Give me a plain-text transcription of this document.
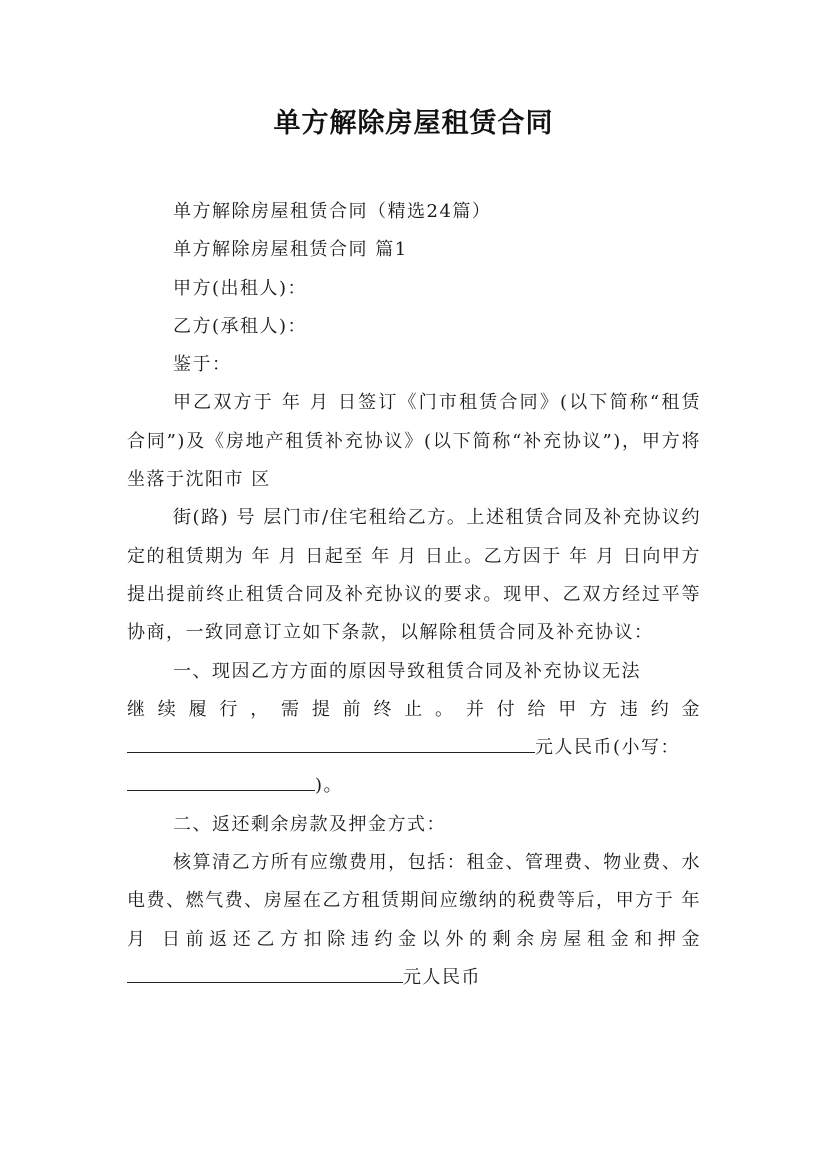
单方解除房屋租赁合同

单方解除房屋租赁合同（精选24篇）

单方解除房屋租赁合同 篇1

甲方(出租人)：

乙方(承租人)：

鉴于：

甲乙双方于 年 月 日签订《门市租赁合同》(以下简称“租赁合同”)及《房地产租赁补充协议》(以下简称“补充协议”)，甲方将坐落于沈阳市 区

街(路) 号 层门市/住宅租给乙方。上述租赁合同及补充协议约定的租赁期为 年 月 日起至 年 月 日止。乙方因于 年 月 日向甲方提出提前终止租赁合同及补充协议的要求。现甲、乙双方经过平等协商，一致同意订立如下条款，以解除租赁合同及补充协议：

一、现因乙方方面的原因导致租赁合同及补充协议无法

继续履行，需提前终止。并付给甲方违约金

元人民币(小写：

)。

二、返还剩余房款及押金方式：

核算清乙方所有应缴费用，包括：租金、管理费、物业费、水电费、燃气费、房屋在乙方租赁期间应缴纳的税费等后，甲方于 年 月 日前返还乙方扣除违约金以外的剩余房屋租金和押金元人民币
